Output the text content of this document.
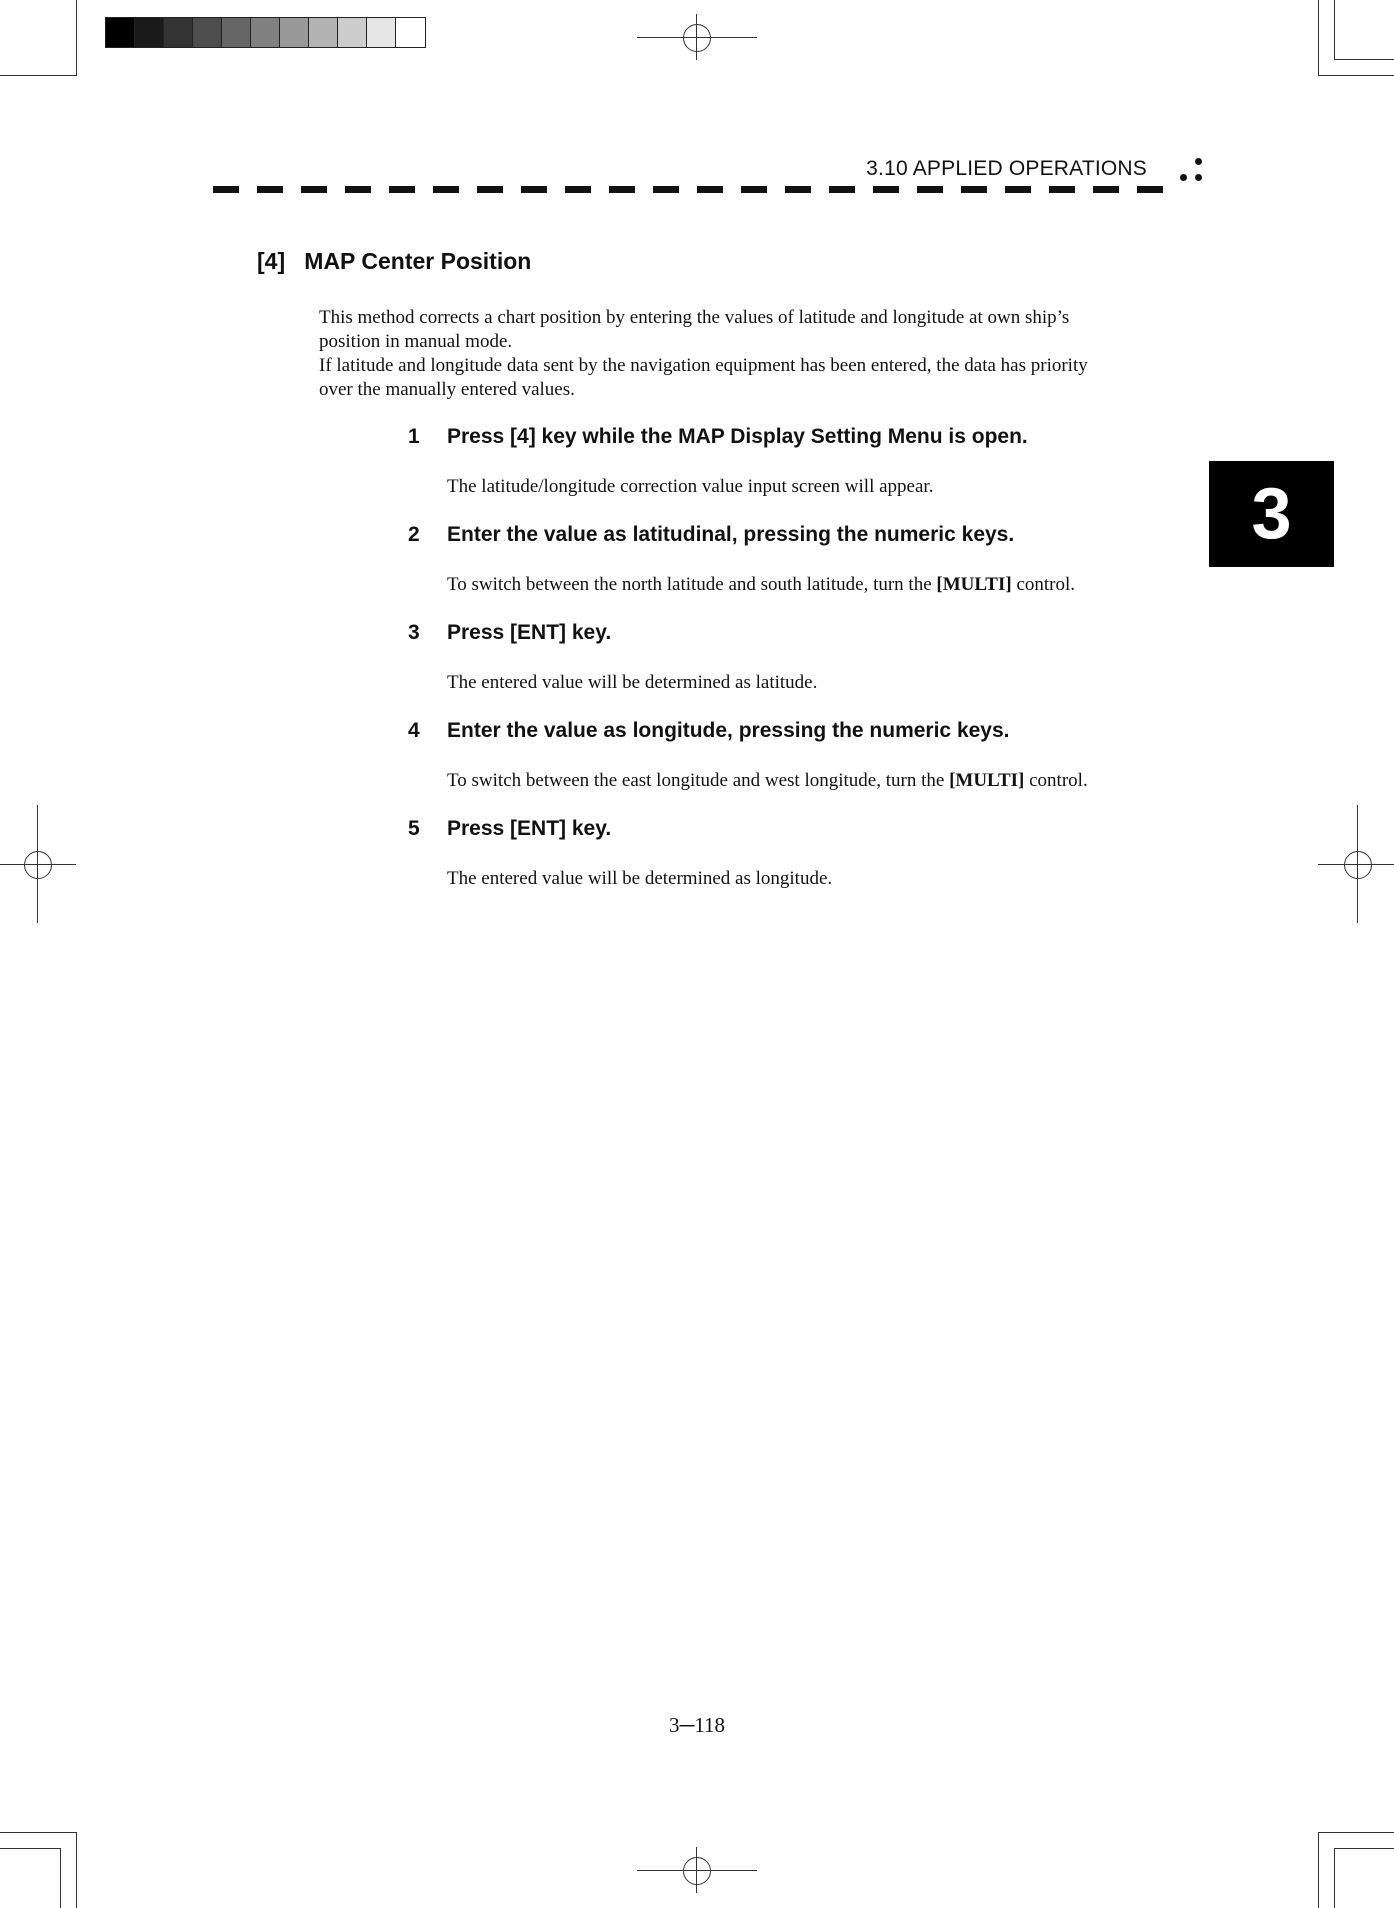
3.10 APPLIED OPERATIONS
3
[4]   MAP Center Position
This method corrects a chart position by entering the values of latitude and longitude at own ship’s
position in manual mode.
If latitude and longitude data sent by the navigation equipment has been entered, the data has priority
over the manually entered values.
1 Press [4] key while the MAP Display Setting Menu is open.
The latitude/longitude correction value input screen will appear.
2 Enter the value as latitudinal, pressing the numeric keys.
To switch between the north latitude and south latitude, turn the [MULTI] control.
3 Press [ENT] key.
The entered value will be determined as latitude.
4 Enter the value as longitude, pressing the numeric keys.
To switch between the east longitude and west longitude, turn the [MULTI] control.
5 Press [ENT] key.
The entered value will be determined as longitude.
3─118
